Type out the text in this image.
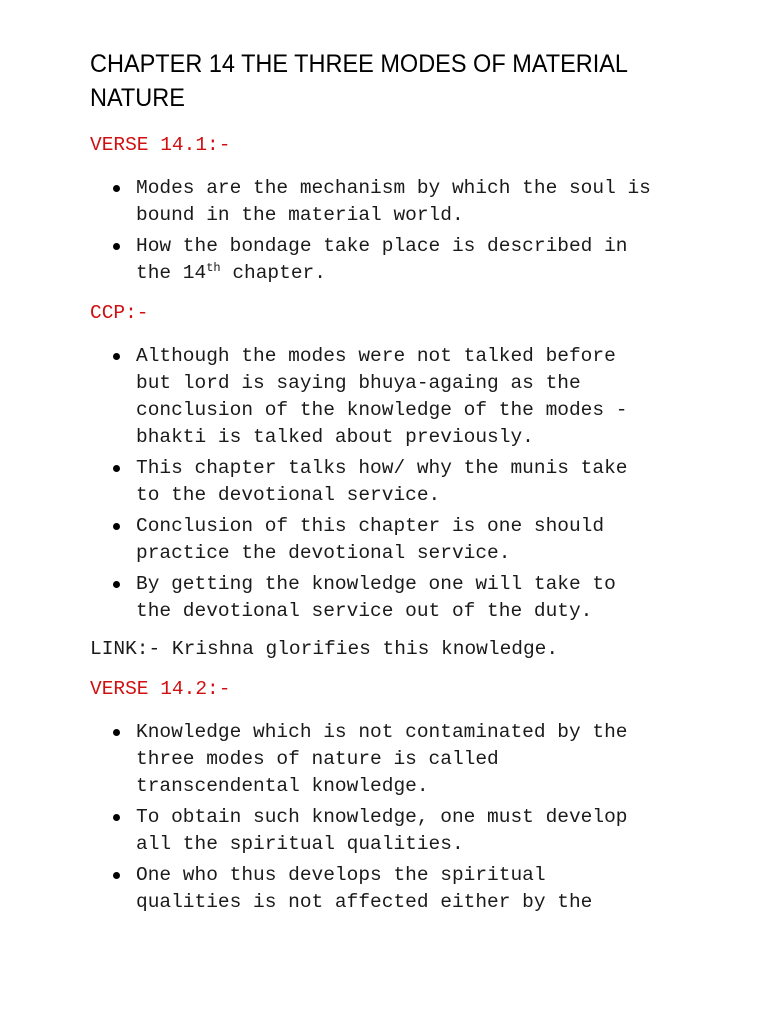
CHAPTER 14 THE THREE MODES OF MATERIAL NATURE

VERSE 14.1:-

Modes are the mechanism by which the soul is
bound in the material world.
How the bondage take place is described in
the 14th chapter.

CCP:-

Although the modes were not talked before
but lord is saying bhuya-againg as the
conclusion of the knowledge of the modes -
bhakti is talked about previously.
This chapter talks how/ why the munis take
to the devotional service.
Conclusion of this chapter is one should
practice the devotional service.
By getting the knowledge one will take to
the devotional service out of the duty.

LINK:- Krishna glorifies this knowledge.

VERSE 14.2:-

Knowledge which is not contaminated by the
three modes of nature is called
transcendental knowledge.
To obtain such knowledge, one must develop
all the spiritual qualities.
One who thus develops the spiritual
qualities is not affected either by the
